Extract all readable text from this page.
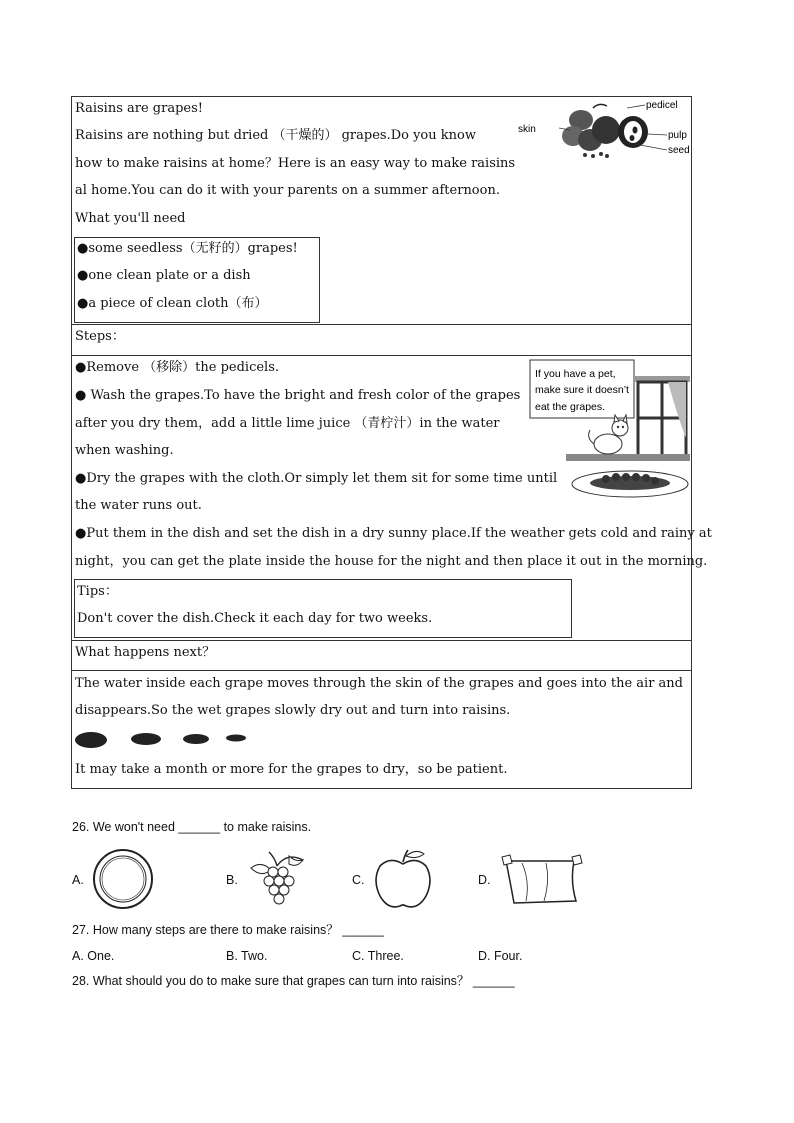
Raisins are grapes!
Raisins are nothing but dried （干燥的） grapes.Do you know
how to make raisins at home？Here is an easy way to make raisins
al home.You can do it with your parents on a summer afternoon.
What you'll need
●some seedless（无籽的）grapes!
●one clean plate or a dish
●a piece of clean cloth（布）
pedicel
skin
pulp
seed
Steps：
●Remove （移除）the pedicels.
● Wash the grapes.To have the bright and fresh color of the grapes
after you dry them，add a little lime juice （青柠汁）in the water
when washing.
●Dry the grapes with the cloth.Or simply let them sit for some time until
the water runs out.
●Put them in the dish and set the dish in a dry sunny place.If the weather gets cold and rainy at
night，you can get the plate inside the house for the night and then place it out in the morning.
If you have a pet,
make sure it doesn’t
eat the grapes.
Tips：
Don't cover the dish.Check it each day for two weeks.
What happens next？
The water inside each grape moves through the skin of the grapes and goes into the air and
disappears.So the wet grapes slowly dry out and turn into raisins.
It may take a month or more for the grapes to dry，so be patient.
26. We won't need ______ to make raisins.
A.	B.	C.	D.
27. How many steps are there to make raisins？ ______
A. One.	B. Two.	C. Three.	D. Four.
28. What should you do to make sure that grapes can turn into raisins？ ______
